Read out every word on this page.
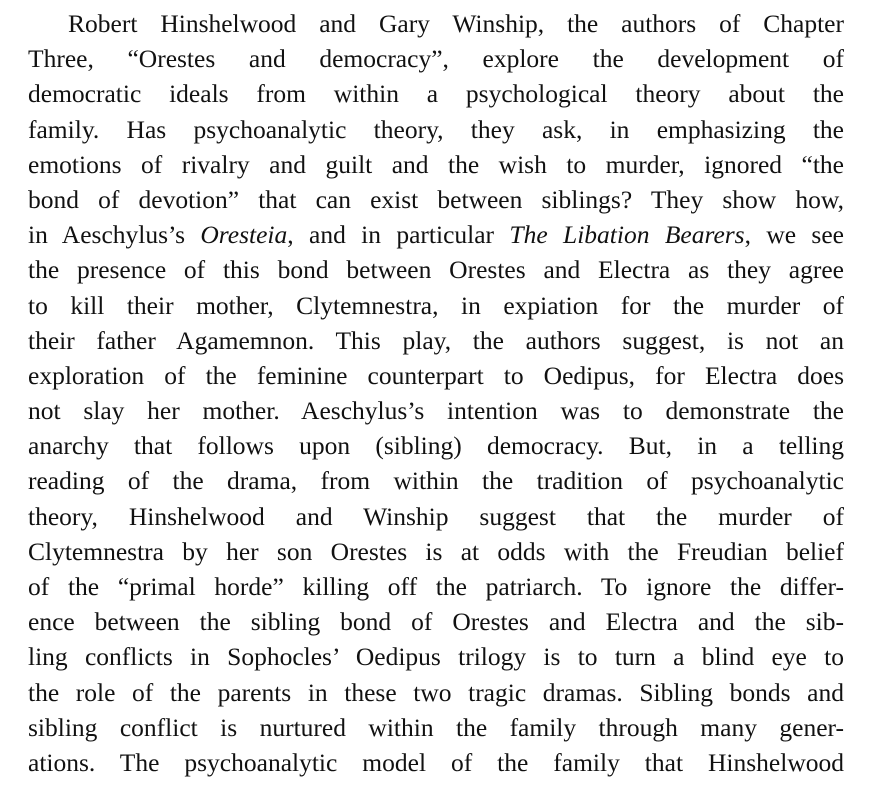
Robert Hinshelwood and Gary Winship, the authors of Chapter
Three, “Orestes and democracy”, explore the development of
democratic ideals from within a psychological theory about the
family. Has psychoanalytic theory, they ask, in emphasizing the
emotions of rivalry and guilt and the wish to murder, ignored “the
bond of devotion” that can exist between siblings? They show how,
in Aeschylus’s Oresteia, and in particular The Libation Bearers, we see
the presence of this bond between Orestes and Electra as they agree
to kill their mother, Clytemnestra, in expiation for the murder of
their father Agamemnon. This play, the authors suggest, is not an
exploration of the feminine counterpart to Oedipus, for Electra does
not slay her mother. Aeschylus’s intention was to demonstrate the
anarchy that follows upon (sibling) democracy. But, in a telling
reading of the drama, from within the tradition of psychoanalytic
theory, Hinshelwood and Winship suggest that the murder of
Clytemnestra by her son Orestes is at odds with the Freudian belief
of the “primal horde” killing off the patriarch. To ignore the differ-
ence between the sibling bond of Orestes and Electra and the sib-
ling conflicts in Sophocles’ Oedipus trilogy is to turn a blind eye to
the role of the parents in these two tragic dramas. Sibling bonds and
sibling conflict is nurtured within the family through many gener-
ations. The psychoanalytic model of the family that Hinshelwood
